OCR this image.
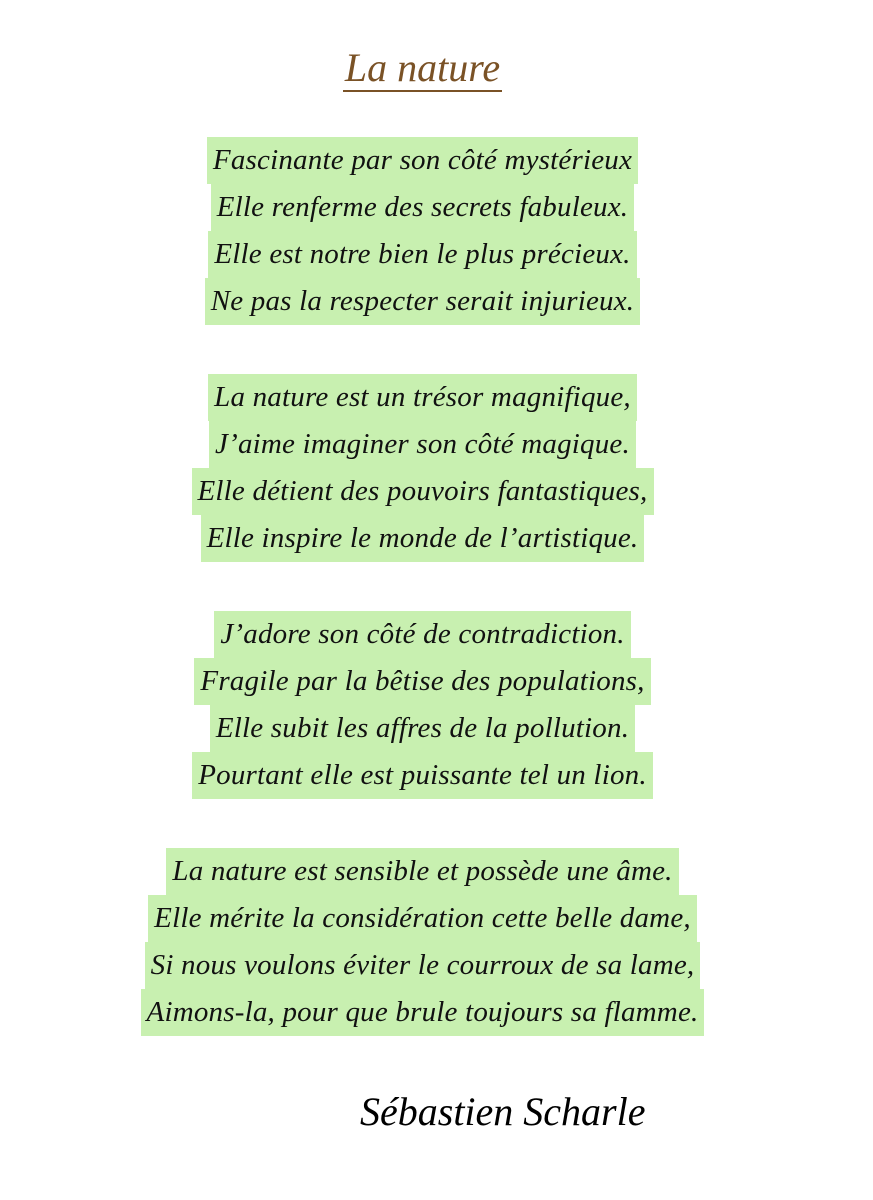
La nature
Fascinante par son côté mystérieux
Elle renferme des secrets fabuleux.
Elle est notre bien le plus précieux.
Ne pas la respecter serait injurieux.
La nature est un trésor magnifique,
J’aime imaginer son côté magique.
Elle détient des pouvoirs fantastiques,
Elle inspire le monde de l’artistique.
J’adore son côté de contradiction.
Fragile par la bêtise des populations,
Elle subit les affres de la pollution.
Pourtant elle est puissante tel un lion.
La nature est sensible et possède une âme.
Elle mérite la considération cette belle dame,
Si nous voulons éviter le courroux de sa lame,
Aimons-la, pour que brule toujours sa flamme.
Sébastien Scharle
